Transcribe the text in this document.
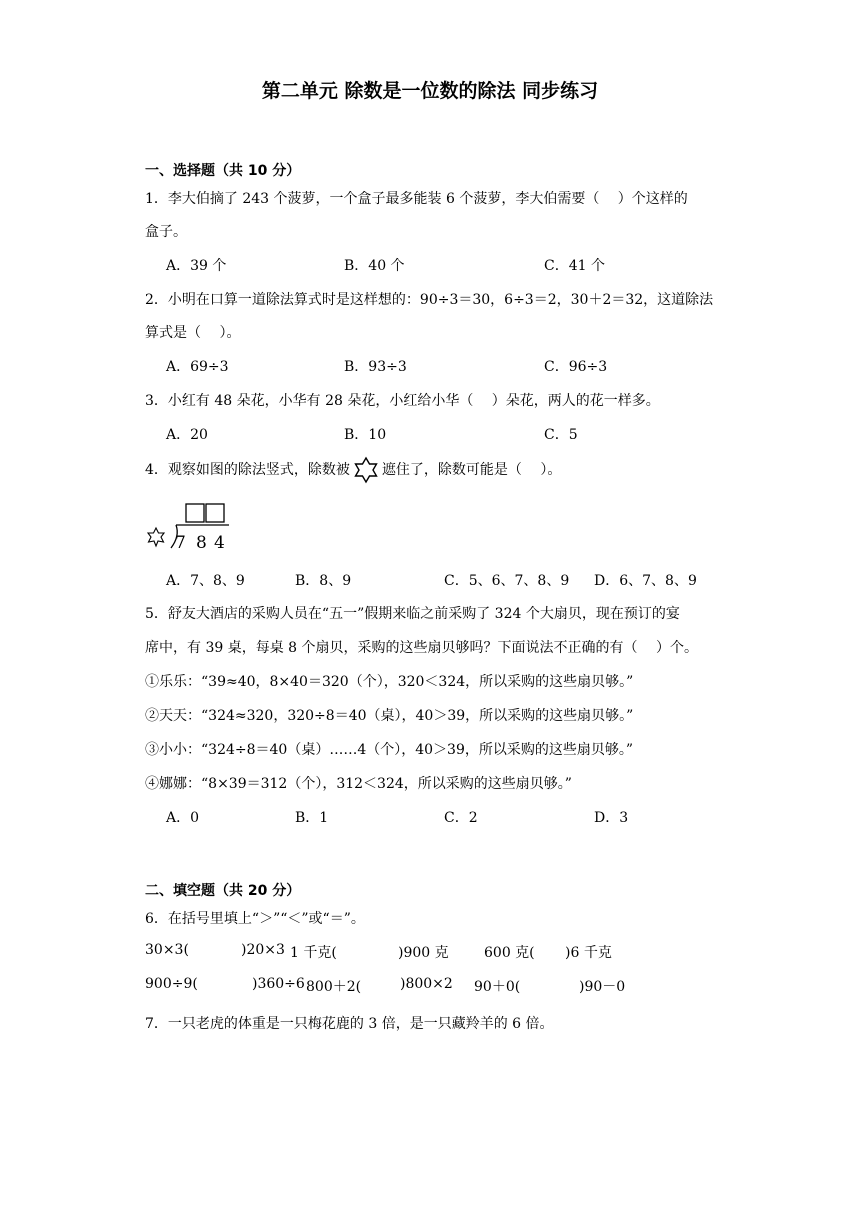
第二单元 除数是一位数的除法 同步练习
一、选择题（共 10 分）
1．李大伯摘了 243 个菠萝，一个盒子最多能装 6 个菠萝，李大伯需要（　 ）个这样的
盒子。
A．39 个	B．40 个	C．41 个
2．小明在口算一道除法算式时是这样想的：90÷3＝30，6÷3＝2，30＋2＝32，这道除法
算式是（　 ）。
A．69÷3	B．93÷3	C．96÷3
3．小红有 48 朵花，小华有 28 朵花，小红给小华（　 ）朵花，两人的花一样多。
A．20	B．10	C．5
4．观察如图的除法竖式，除数被 遮住了，除数可能是（　 ）。
7 8 4
A．7、8、9	B．8、9	C．5、6、7、8、9 D．6、7、8、9
5．舒友大酒店的采购人员在“五一”假期来临之前采购了 324 个大扇贝，现在预订的宴
席中，有 39 桌，每桌 8 个扇贝，采购的这些扇贝够吗？下面说法不正确的有（　 ）个。
①乐乐：“39≈40，8×40＝320（个），320＜324，所以采购的这些扇贝够。”
②天天：“324≈320，320÷8＝40（桌），40＞39，所以采购的这些扇贝够。”
③小小：“324÷8＝40（桌）……4（个），40＞39，所以采购的这些扇贝够。”
④娜娜：“8×39＝312（个），312＜324，所以采购的这些扇贝够。”
A．0	B．1	C．2	D．3
二、填空题（共 20 分）
6．在括号里填上“＞”“＜”或“＝”。
30×3(	)20×3 1 千克(	)900 克	600 克( )6 千克
900÷9(	)360÷6 800＋2(	)800×2 90＋0(	)90－0
7．一只老虎的体重是一只梅花鹿的 3 倍，是一只藏羚羊的 6 倍。
